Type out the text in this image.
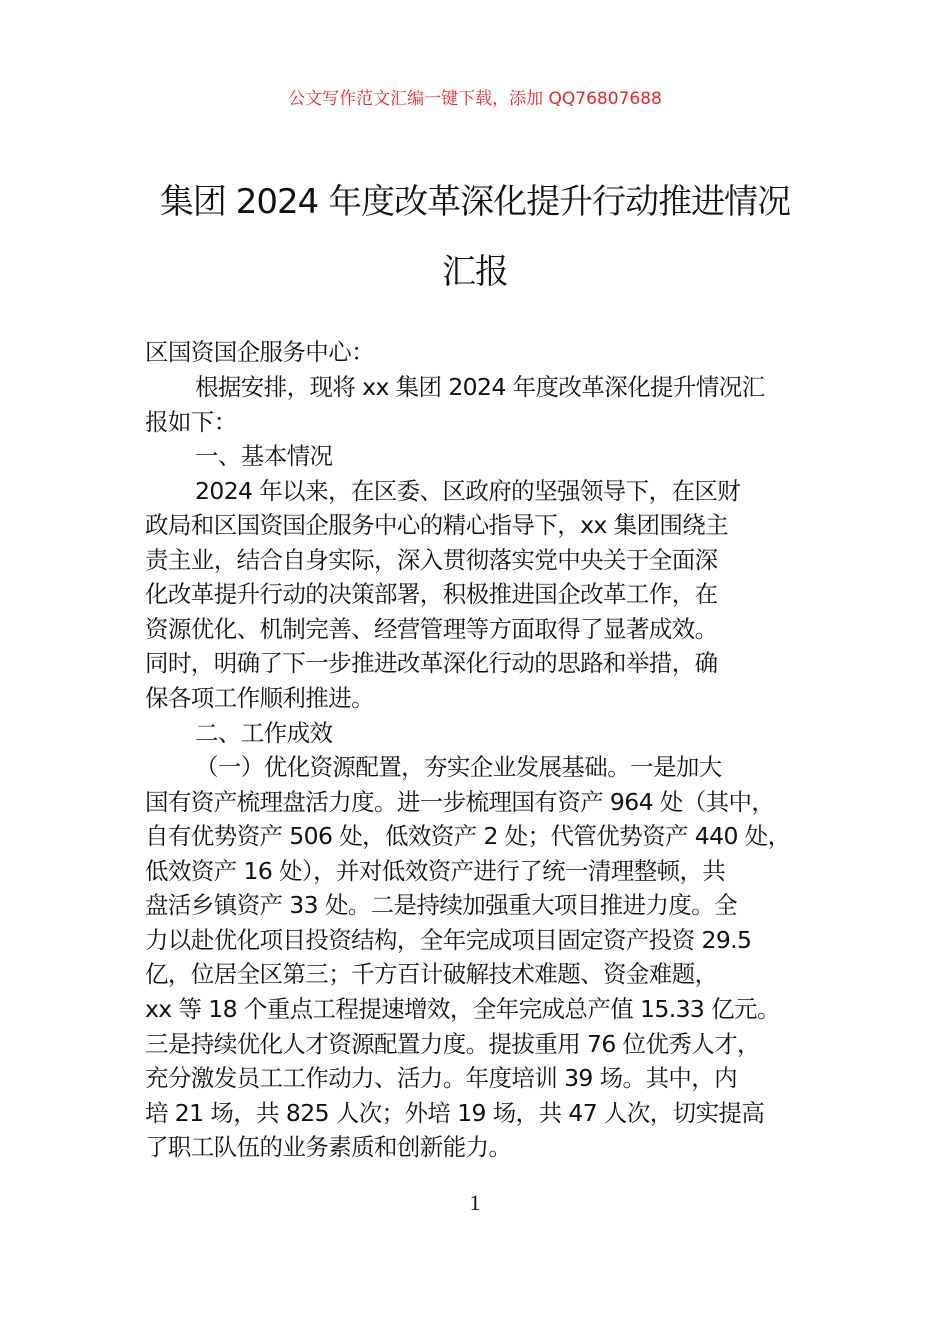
公文写作范文汇编一键下载，添加 QQ76807688
集团 2024 年度改革深化提升行动推进情况
汇报
区国资国企服务中心：
根据安排，现将 xx 集团 2024 年度改革深化提升情况汇
报如下：
一、基本情况
2024 年以来，在区委、区政府的坚强领导下，在区财
政局和区国资国企服务中心的精心指导下，xx 集团围绕主
责主业，结合自身实际，深入贯彻落实党中央关于全面深
化改革提升行动的决策部署，积极推进国企改革工作，在
资源优化、机制完善、经营管理等方面取得了显著成效。
同时，明确了下一步推进改革深化行动的思路和举措，确
保各项工作顺利推进。
二、工作成效
（一）优化资源配置，夯实企业发展基础。一是加大
国有资产梳理盘活力度。进一步梳理国有资产 964 处（其中，
自有优势资产 506 处，低效资产 2 处；代管优势资产 440 处，
低效资产 16 处），并对低效资产进行了统一清理整顿，共
盘活乡镇资产 33 处。二是持续加强重大项目推进力度。全
力以赴优化项目投资结构，全年完成项目固定资产投资 29.5
亿，位居全区第三；千方百计破解技术难题、资金难题，
xx 等 18 个重点工程提速增效，全年完成总产值 15.33 亿元。
三是持续优化人才资源配置力度。提拔重用 76 位优秀人才，
充分激发员工工作动力、活力。年度培训 39 场。其中，内
培 21 场，共 825 人次；外培 19 场，共 47 人次，切实提高
了职工队伍的业务素质和创新能力。
1
